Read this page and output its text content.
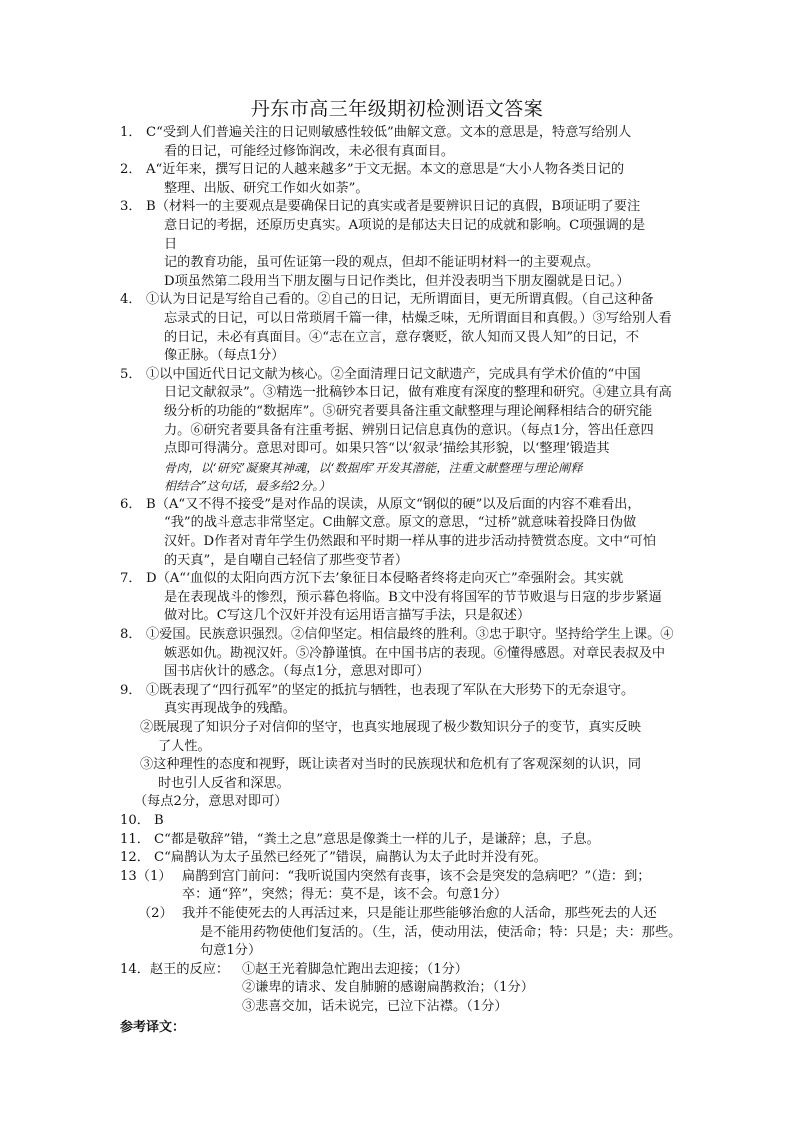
丹东市高三年级期初检测语文答案
1． C“受到人们普遍关注的日记则敏感性较低”曲解文意。文本的意思是，特意写给别人
看的日记，可能经过修饰润改，未必很有真面目。
2． A“近年来，撰写日记的人越来越多”于文无据。本文的意思是“大小人物各类日记的
整理、出版、研究工作如火如荼”。
3． B（材料一的主要观点是要确保日记的真实或者是要辨识日记的真假，B项证明了要注
意日记的考据，还原历史真实。A项说的是郁达夫日记的成就和影响。C项强调的是
日
记的教育功能，虽可佐证第一段的观点，但却不能证明材料一的主要观点。
D项虽然第二段用当下朋友圈与日记作类比，但并没表明当下朋友圈就是日记。）
4． ①认为日记是写给自己看的。②自己的日记，无所谓面目，更无所谓真假。（自己这种备
忘录式的日记，可以日常琐屑千篇一律，枯燥乏味，无所谓面目和真假。）③写给别人看
的日记，未必有真面目。④“志在立言，意存褒贬，欲人知而又畏人知”的日记，不
像正脉。（每点1分）
5． ①以中国近代日记文献为核心。②全面清理日记文献遗产，完成具有学术价值的“中国
日记文献叙录”。③精选一批稿钞本日记，做有难度有深度的整理和研究。④建立具有高
级分析的功能的“数据库”。⑤研究者要具备注重文献整理与理论阐释相结合的研究能
力。⑥研究者要具备有注重考据、辨别日记信息真伪的意识。（每点1分，答出任意四
点即可得满分。意思对即可。如果只答“以‘叙录’描绘其形貌，以‘整理’锻造其
骨肉，以‘研究’凝聚其神魂，以‘数据库’开发其潜能，注重文献整理与理论阐释
相结合”这句话，最多给2分。）
6． B（A“又不得不接受”是对作品的误读，从原文“钢似的硬”以及后面的内容不难看出，
“我”的战斗意志非常坚定。C曲解文意。原文的意思，“过桥”就意味着投降日伪做
汉奸。D作者对青年学生仍然跟和平时期一样从事的进步活动持赞赏态度。文中“可怕
的天真”，是自嘲自己轻信了那些变节者）
7． D（A“‘血似的太阳向西方沉下去’象征日本侵略者终将走向灭亡”牵强附会。其实就
是在表现战斗的惨烈，预示暮色将临。B文中没有将国军的节节败退与日寇的步步紧逼
做对比。C写这几个汉奸并没有运用语言描写手法，只是叙述）
8． ①爱国。民族意识强烈。②信仰坚定。相信最终的胜利。③忠于职守。坚持给学生上课。④
嫉恶如仇。勘视汉奸。⑤冷静谨慎。在中国书店的表现。⑥懂得感恩。对章民表叔及中
国书店伙计的感念。（每点1分，意思对即可）
9． ①既表现了“四行孤军”的坚定的抵抗与牺牲，也表现了军队在大形势下的无奈退守。
真实再现战争的残酷。
②既展现了知识分子对信仰的坚守，也真实地展现了极少数知识分子的变节，真实反映
了人性。
③这种理性的态度和视野，既让读者对当时的民族现状和危机有了客观深刻的认识，同
时也引人反省和深思。
（每点2分，意思对即可）
10． B
11． C“都是敬辞”错，“粪土之息”意思是像粪土一样的儿子，是谦辞；息，子息。
12． C“扁鹊认为太子虽然已经死了”错误，扁鹊认为太子此时并没有死。
13（1） 扁鹊到宫门前问：“我听说国内突然有丧事，该不会是突发的急病吧？”（造：到；
卒：通“猝”，突然；得无：莫不是，该不会。句意1分）
（2） 我并不能使死去的人再活过来，只是能让那些能够治愈的人活命，那些死去的人还
是不能用药物使他们复活的。（生，活，使动用法，使活命；特：只是；夫：那些。
句意1分）
14．赵王的反应： ①赵王光着脚急忙跑出去迎接；（1分）
②谦卑的请求、发自肺腑的感谢扁鹊救治；（1分）
③悲喜交加，话未说完，已泣下沾襟。（1分）
参考译文：
